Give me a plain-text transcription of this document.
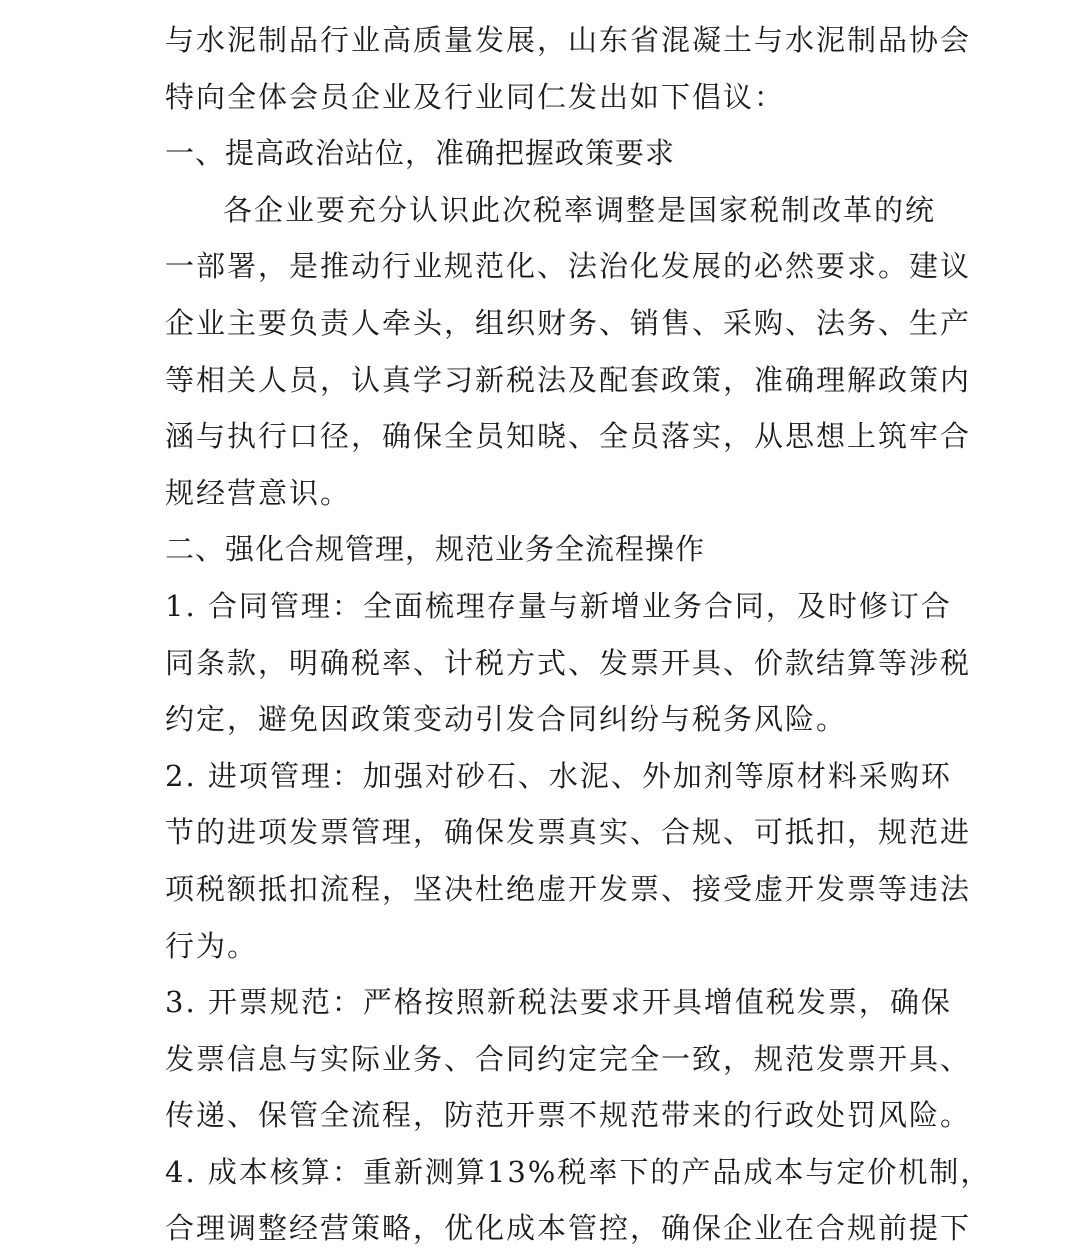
与水泥制品行业高质量发展，山东省混凝土与水泥制品协会
特向全体会员企业及行业同仁发出如下倡议：
一、提高政治站位，准确把握政策要求
各企业要充分认识此次税率调整是国家税制改革的统
一部署，是推动行业规范化、法治化发展的必然要求。建议
企业主要负责人牵头，组织财务、销售、采购、法务、生产
等相关人员，认真学习新税法及配套政策，准确理解政策内
涵与执行口径，确保全员知晓、全员落实，从思想上筑牢合
规经营意识。
二、强化合规管理，规范业务全流程操作
1. 合同管理：全面梳理存量与新增业务合同，及时修订合
同条款，明确税率、计税方式、发票开具、价款结算等涉税
约定，避免因政策变动引发合同纠纷与税务风险。
2. 进项管理：加强对砂石、水泥、外加剂等原材料采购环
节的进项发票管理，确保发票真实、合规、可抵扣，规范进
项税额抵扣流程，坚决杜绝虚开发票、接受虚开发票等违法
行为。
3. 开票规范：严格按照新税法要求开具增值税发票，确保
发票信息与实际业务、合同约定完全一致，规范发票开具、
传递、保管全流程，防范开票不规范带来的行政处罚风险。
4. 成本核算：重新测算13%税率下的产品成本与定价机制，
合理调整经营策略，优化成本管控，确保企业在合规前提下
